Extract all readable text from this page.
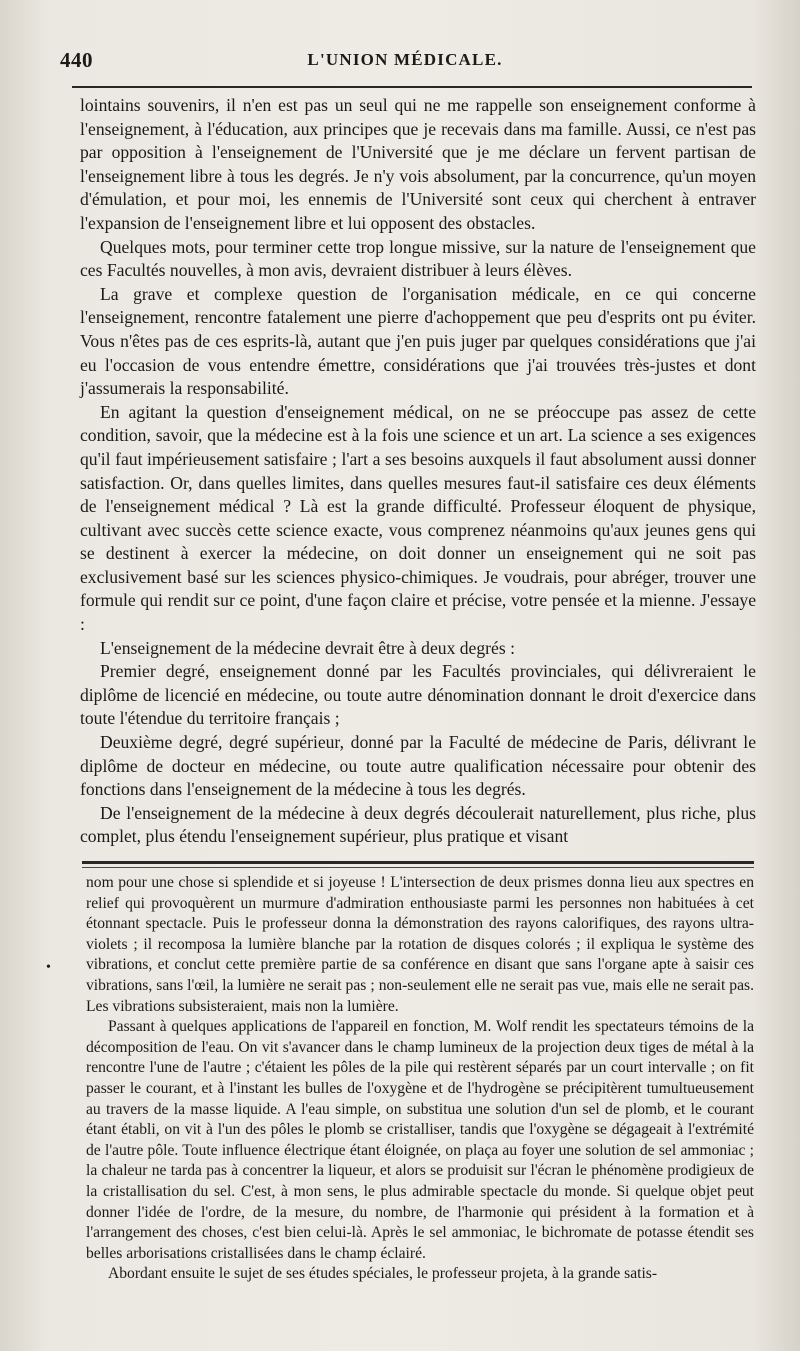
440	L'UNION MÉDICALE.

lointains souvenirs, il n'en est pas un seul qui ne me rappelle son enseignement conforme à l'enseignement, à l'éducation, aux principes que je recevais dans ma famille. Aussi, ce n'est pas par opposition à l'enseignement de l'Université que je me déclare un fervent partisan de l'enseignement libre à tous les degrés. Je n'y vois absolument, par la concurrence, qu'un moyen d'émulation, et pour moi, les ennemis de l'Université sont ceux qui cherchent à entraver l'expansion de l'enseignement libre et lui opposent des obstacles.

Quelques mots, pour terminer cette trop longue missive, sur la nature de l'enseignement que ces Facultés nouvelles, à mon avis, devraient distribuer à leurs élèves.

La grave et complexe question de l'organisation médicale, en ce qui concerne l'enseignement, rencontre fatalement une pierre d'achoppement que peu d'esprits ont pu éviter. Vous n'êtes pas de ces esprits-là, autant que j'en puis juger par quelques considérations que j'ai eu l'occasion de vous entendre émettre, considérations que j'ai trouvées très-justes et dont j'assumerais la responsabilité.

En agitant la question d'enseignement médical, on ne se préoccupe pas assez de cette condition, savoir, que la médecine est à la fois une science et un art. La science a ses exigences qu'il faut impérieusement satisfaire ; l'art a ses besoins auxquels il faut absolument aussi donner satisfaction. Or, dans quelles limites, dans quelles mesures faut-il satisfaire ces deux éléments de l'enseignement médical ? Là est la grande difficulté. Professeur éloquent de physique, cultivant avec succès cette science exacte, vous comprenez néanmoins qu'aux jeunes gens qui se destinent à exercer la médecine, on doit donner un enseignement qui ne soit pas exclusivement basé sur les sciences physico-chimiques. Je voudrais, pour abréger, trouver une formule qui rendit sur ce point, d'une façon claire et précise, votre pensée et la mienne. J'essaye :

L'enseignement de la médecine devrait être à deux degrés :

Premier degré, enseignement donné par les Facultés provinciales, qui délivreraient le diplôme de licencié en médecine, ou toute autre dénomination donnant le droit d'exercice dans toute l'étendue du territoire français ;

Deuxième degré, degré supérieur, donné par la Faculté de médecine de Paris, délivrant le diplôme de docteur en médecine, ou toute autre qualification nécessaire pour obtenir des fonctions dans l'enseignement de la médecine à tous les degrés.

De l'enseignement de la médecine à deux degrés découlerait naturellement, plus riche, plus complet, plus étendu l'enseignement supérieur, plus pratique et visant

•

nom pour une chose si splendide et si joyeuse ! L'intersection de deux prismes donna lieu aux spectres en relief qui provoquèrent un murmure d'admiration enthousiaste parmi les personnes non habituées à cet étonnant spectacle. Puis le professeur donna la démonstration des rayons calorifiques, des rayons ultra-violets ; il recomposa la lumière blanche par la rotation de disques colorés ; il expliqua le système des vibrations, et conclut cette première partie de sa conférence en disant que sans l'organe apte à saisir ces vibrations, sans l'œil, la lumière ne serait pas ; non-seulement elle ne serait pas vue, mais elle ne serait pas. Les vibrations subsisteraient, mais non la lumière.

Passant à quelques applications de l'appareil en fonction, M. Wolf rendit les spectateurs témoins de la décomposition de l'eau. On vit s'avancer dans le champ lumineux de la projection deux tiges de métal à la rencontre l'une de l'autre ; c'étaient les pôles de la pile qui restèrent séparés par un court intervalle ; on fit passer le courant, et à l'instant les bulles de l'oxygène et de l'hydrogène se précipitèrent tumultueusement au travers de la masse liquide. A l'eau simple, on substitua une solution d'un sel de plomb, et le courant étant établi, on vit à l'un des pôles le plomb se cristalliser, tandis que l'oxygène se dégageait à l'extrémité de l'autre pôle. Toute influence électrique étant éloignée, on plaça au foyer une solution de sel ammoniac ; la chaleur ne tarda pas à concentrer la liqueur, et alors se produisit sur l'écran le phénomène prodigieux de la cristallisation du sel. C'est, à mon sens, le plus admirable spectacle du monde. Si quelque objet peut donner l'idée de l'ordre, de la mesure, du nombre, de l'harmonie qui président à la formation et à l'arrangement des choses, c'est bien celui-là. Après le sel ammoniac, le bichromate de potasse étendit ses belles arborisations cristallisées dans le champ éclairé.

Abordant ensuite le sujet de ses études spéciales, le professeur projeta, à la grande satis-
